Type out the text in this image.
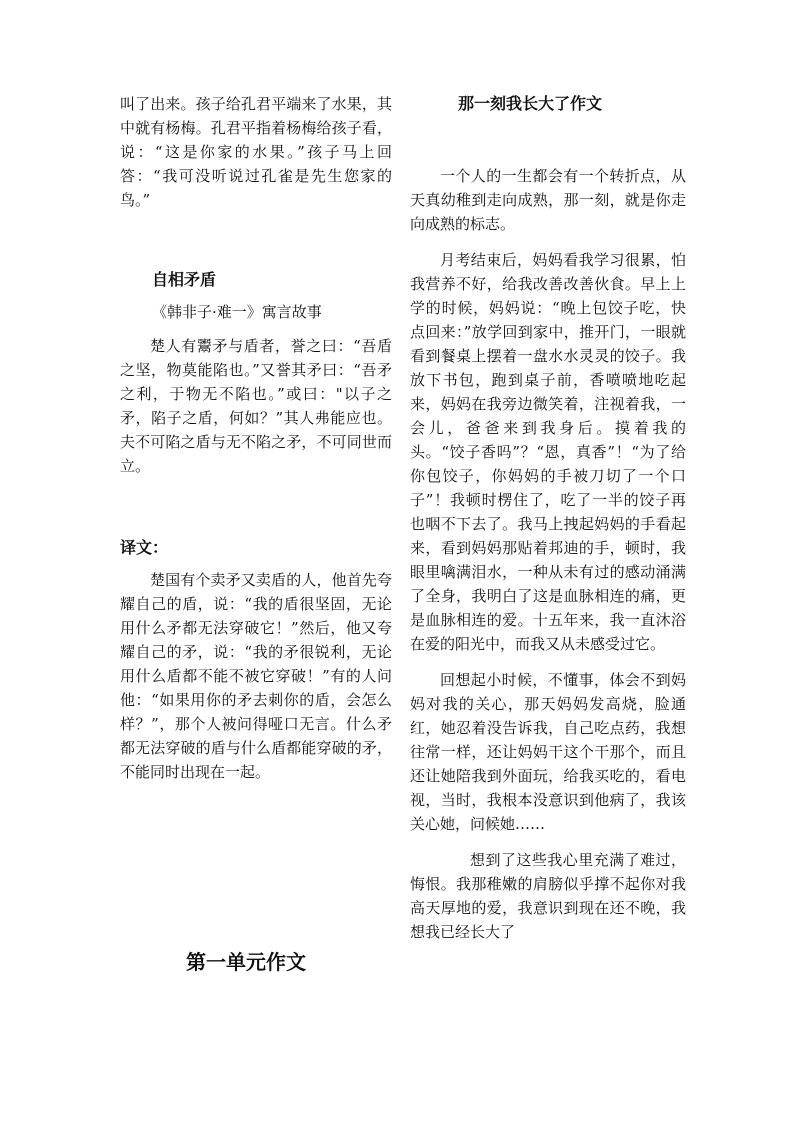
叫了出来。孩子给孔君平端来了水果，其中就有杨梅。孔君平指着杨梅给孩子看，说：“这是你家的水果。”孩子马上回答：“我可没听说过孔雀是先生您家的鸟。”

自相矛盾

《韩非子·难一》寓言故事

楚人有鬻矛与盾者，誉之曰：“吾盾之坚，物莫能陷也。”又誉其矛曰：“吾矛之利，于物无不陷也。”或曰："以子之矛，陷子之盾，何如？”其人弗能应也。夫不可陷之盾与无不陷之矛，不可同世而立。

译文：

楚国有个卖矛又卖盾的人，他首先夸耀自己的盾，说：“我的盾很坚固，无论用什么矛都无法穿破它！”然后，他又夸耀自己的矛，说：“我的矛很锐利，无论用什么盾都不能不被它穿破！”有的人问他：“如果用你的矛去刺你的盾，会怎么样？”，那个人被问得哑口无言。什么矛都无法穿破的盾与什么盾都能穿破的矛，不能同时出现在一起。

第一单元作文

那一刻我长大了作文

一个人的一生都会有一个转折点，从天真幼稚到走向成熟，那一刻，就是你走向成熟的标志。

月考结束后，妈妈看我学习很累，怕我营养不好，给我改善改善伙食。早上上学的时候，妈妈说：“晚上包饺子吃，快点回来：”放学回到家中，推开门，一眼就看到餐桌上摆着一盘水水灵灵的饺子。我放下书包，跑到桌子前，香喷喷地吃起来，妈妈在我旁边微笑着，注视着我，一会儿，爸爸来到我身后。摸着我的头。“饺子香吗”？“恩，真香”！“为了给你包饺子，你妈妈的手被刀切了一个口子”！我顿时楞住了，吃了一半的饺子再也咽不下去了。我马上拽起妈妈的手看起来，看到妈妈那贴着邦迪的手，顿时，我眼里噙满泪水，一种从未有过的感动涌满了全身，我明白了这是血脉相连的痛，更是血脉相连的爱。十五年来，我一直沐浴在爱的阳光中，而我又从未感受过它。

回想起小时候，不懂事，体会不到妈妈对我的关心，那天妈妈发高烧，脸通红，她忍着没告诉我，自己吃点药，我想往常一样，还让妈妈干这个干那个，而且还让她陪我到外面玩，给我买吃的，看电视，当时，我根本没意识到他病了，我该关心她，问候她……

想到了这些我心里充满了难过，悔恨。我那稚嫩的肩膀似乎撑不起你对我高天厚地的爱，我意识到现在还不晚，我想我已经长大了
